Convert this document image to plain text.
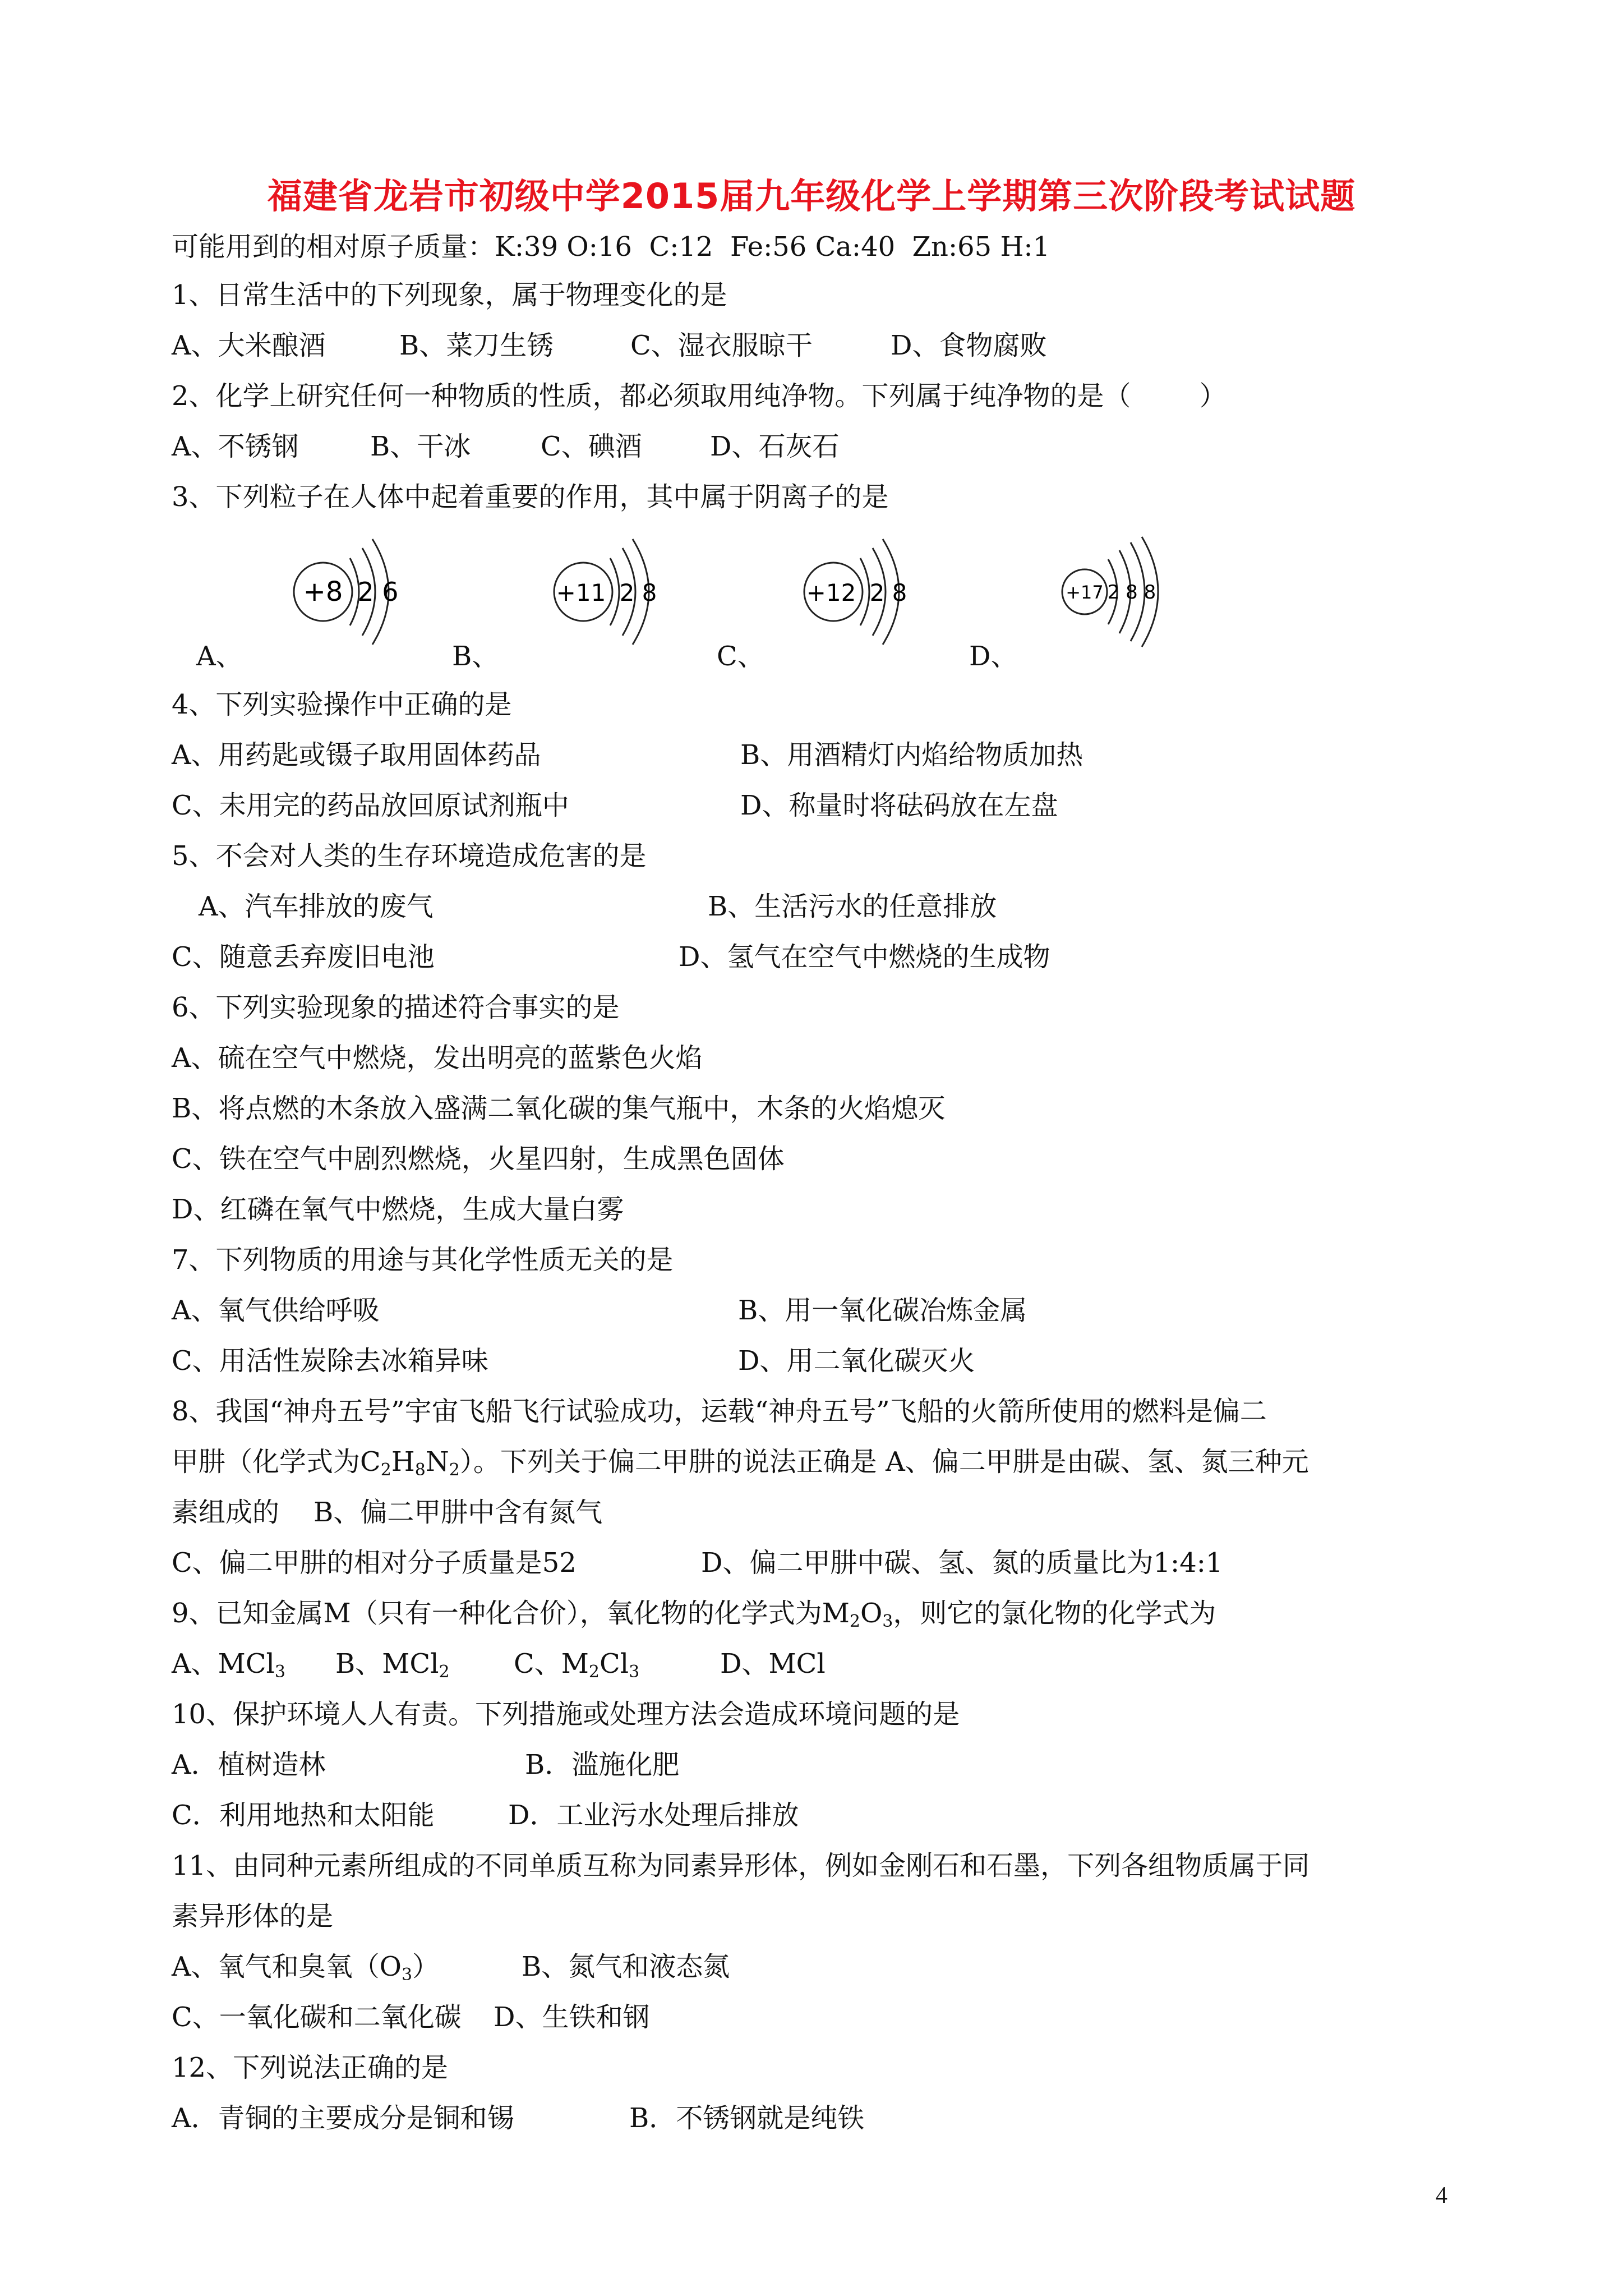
福建省龙岩市初级中学2015届九年级化学上学期第三次阶段考试试题
可能用到的相对原子质量：K:39 O:16  C:12  Fe:56 Ca:40  Zn:65 H:1
1、日常生活中的下列现象，属于物理变化的是
A、大米酿酒	B、菜刀生锈	C、湿衣服晾干	D、食物腐败
2、化学上研究任何一种物质的性质，都必须取用纯净物。下列属于纯净物的是（        ）
A、不锈钢	B、干冰	C、碘酒	D、石灰石
3、下列粒子在人体中起着重要的作用，其中属于阴离子的是
+8 2 6	+11 2 8	+12 2 8	+17 2 8 8
A、	B、	C、	D、
4、下列实验操作中正确的是
A、用药匙或镊子取用固体药品	B、用酒精灯内焰给物质加热
C、未用完的药品放回原试剂瓶中	D、称量时将砝码放在左盘
5、不会对人类的生存环境造成危害的是
A、汽车排放的废气	B、生活污水的任意排放
C、随意丢弃废旧电池	D、氢气在空气中燃烧的生成物
6、下列实验现象的描述符合事实的是
A、硫在空气中燃烧，发出明亮的蓝紫色火焰
B、将点燃的木条放入盛满二氧化碳的集气瓶中，木条的火焰熄灭
C、铁在空气中剧烈燃烧，火星四射，生成黑色固体
D、红磷在氧气中燃烧，生成大量白雾
7、下列物质的用途与其化学性质无关的是
A、氧气供给呼吸	B、用一氧化碳冶炼金属
C、用活性炭除去冰箱异味	D、用二氧化碳灭火
8、我国“神舟五号”宇宙飞船飞行试验成功，运载“神舟五号”飞船的火箭所使用的燃料是偏二
甲肼（化学式为$C_2H_8N_2$）。下列关于偏二甲肼的说法正确是 A、偏二甲肼是由碳、氢、氮三种元
素组成的    B、偏二甲肼中含有氮气
C、偏二甲肼的相对分子质量是52	D、偏二甲肼中碳、氢、氮的质量比为1:4:1
9、已知金属M（只有一种化合价），氧化物的化学式为$M_2O_3$，则它的氯化物的化学式为
A、MCl$_3$ B、MCl$_2$ C、$M_2Cl_3$	D、MCl
10、保护环境人人有责。下列措施或处理方法会造成环境问题的是
A．植树造林	B．滥施化肥
C．利用地热和太阳能	D．工业污水处理后排放
11、由同种元素所组成的不同单质互称为同素异形体，例如金刚石和石墨，下列各组物质属于同
素异形体的是
A、氧气和臭氧$(O_3)$	B、氮气和液态氮
C、一氧化碳和二氧化碳 D、生铁和钢
12、下列说法正确的是
A．青铜的主要成分是铜和锡	B．不锈钢就是纯铁
4
